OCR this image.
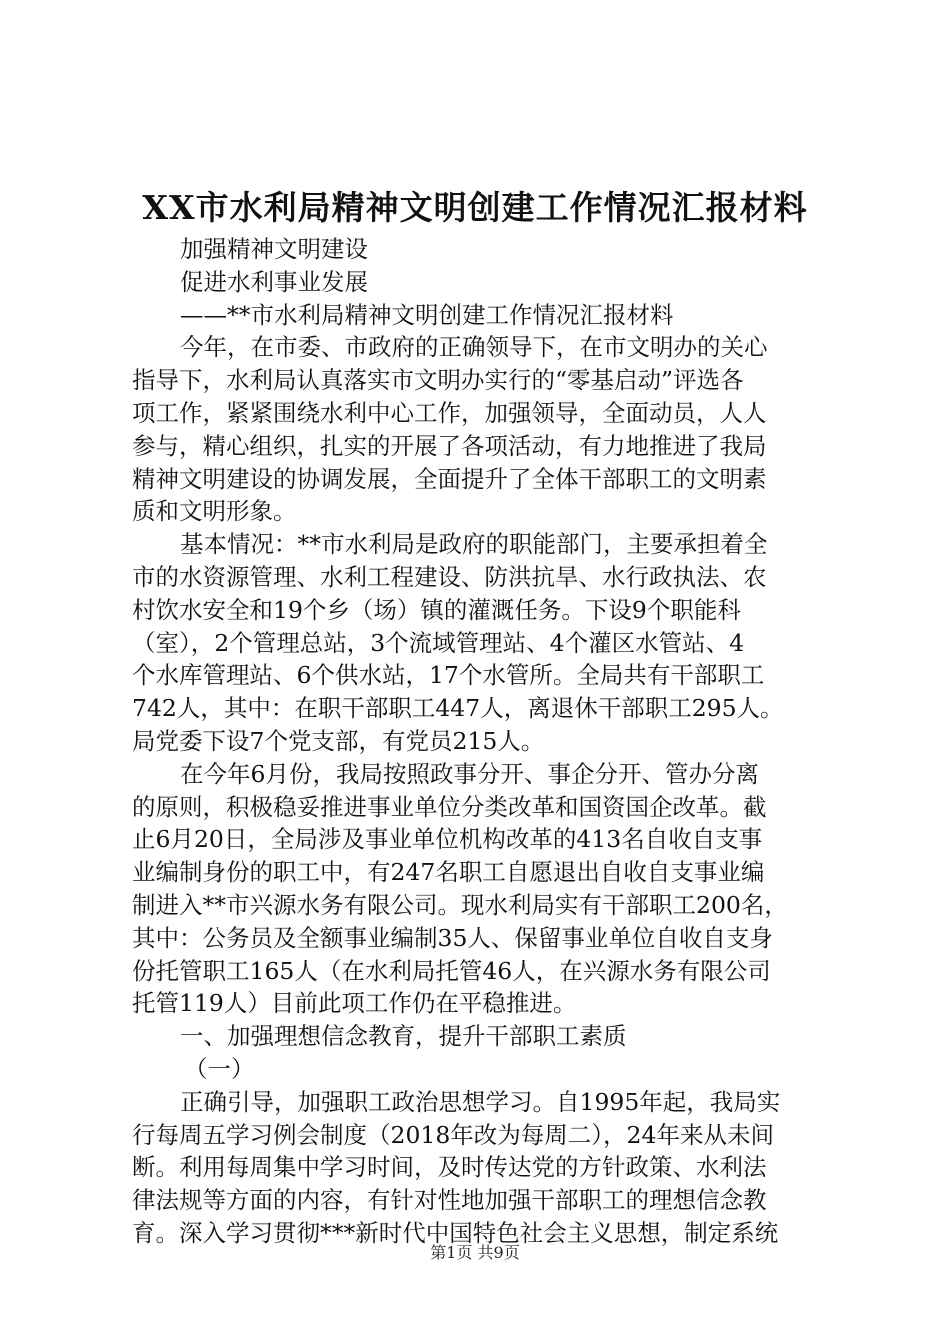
XX市水利局精神文明创建工作情况汇报材料

加强精神文明建设

促进水利事业发展

——**市水利局精神文明创建工作情况汇报材料

今年，在市委、市政府的正确领导下，在市文明办的关心

指导下，水利局认真落实市文明办实行的“零基启动”评选各

项工作，紧紧围绕水利中心工作，加强领导，全面动员，人人

参与，精心组织，扎实的开展了各项活动，有力地推进了我局

精神文明建设的协调发展，全面提升了全体干部职工的文明素

质和文明形象。

基本情况：**市水利局是政府的职能部门，主要承担着全

市的水资源管理、水利工程建设、防洪抗旱、水行政执法、农

村饮水安全和19个乡（场）镇的灌溉任务。下设9个职能科

（室），2个管理总站，3个流域管理站、4个灌区水管站、4

个水库管理站、6个供水站，17个水管所。全局共有干部职工

742人，其中：在职干部职工447人，离退休干部职工295人。

局党委下设7个党支部，有党员215人。

在今年6月份，我局按照政事分开、事企分开、管办分离

的原则，积极稳妥推进事业单位分类改革和国资国企改革。截

止6月20日，全局涉及事业单位机构改革的413名自收自支事

业编制身份的职工中，有247名职工自愿退出自收自支事业编

制进入**市兴源水务有限公司。现水利局实有干部职工200名，

其中：公务员及全额事业编制35人、保留事业单位自收自支身

份托管职工165人（在水利局托管46人，在兴源水务有限公司

托管119人）目前此项工作仍在平稳推进。

一、加强理想信念教育，提升干部职工素质

（一）

正确引导，加强职工政治思想学习。自1995年起，我局实

行每周五学习例会制度（2018年改为每周二），24年来从未间

断。利用每周集中学习时间，及时传达党的方针政策、水利法

律法规等方面的内容，有针对性地加强干部职工的理想信念教

育。深入学习贯彻***新时代中国特色社会主义思想，制定系统

第1页 共9页
